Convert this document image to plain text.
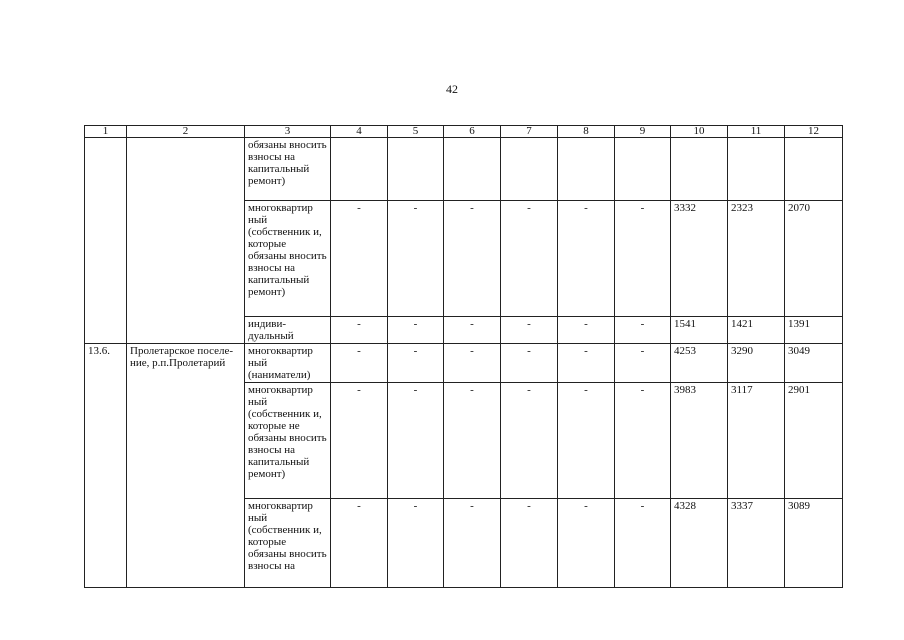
42
1	2	3	4	5	6	7	8	9	10	11	12
		обязаны вносить взносы на капитальный ремонт)									
		многоквартир ный (собственник и, которые обязаны вносить взносы на капитальный ремонт)	-	-	-	-	-	-	3332	2323	2070
		индиви- дуальный	-	-	-	-	-	-	1541	1421	1391
13.6.	Пролетарское поселе- ние, р.п.Пролетарий	многоквартир ный (наниматели)	-	-	-	-	-	-	4253	3290	3049
		многоквартир ный (собственник и, которые не обязаны вносить взносы на капитальный ремонт)	-	-	-	-	-	-	3983	3117	2901
		многоквартир ный (собственник и, которые обязаны вносить взносы на	-	-	-	-	-	-	4328	3337	3089
